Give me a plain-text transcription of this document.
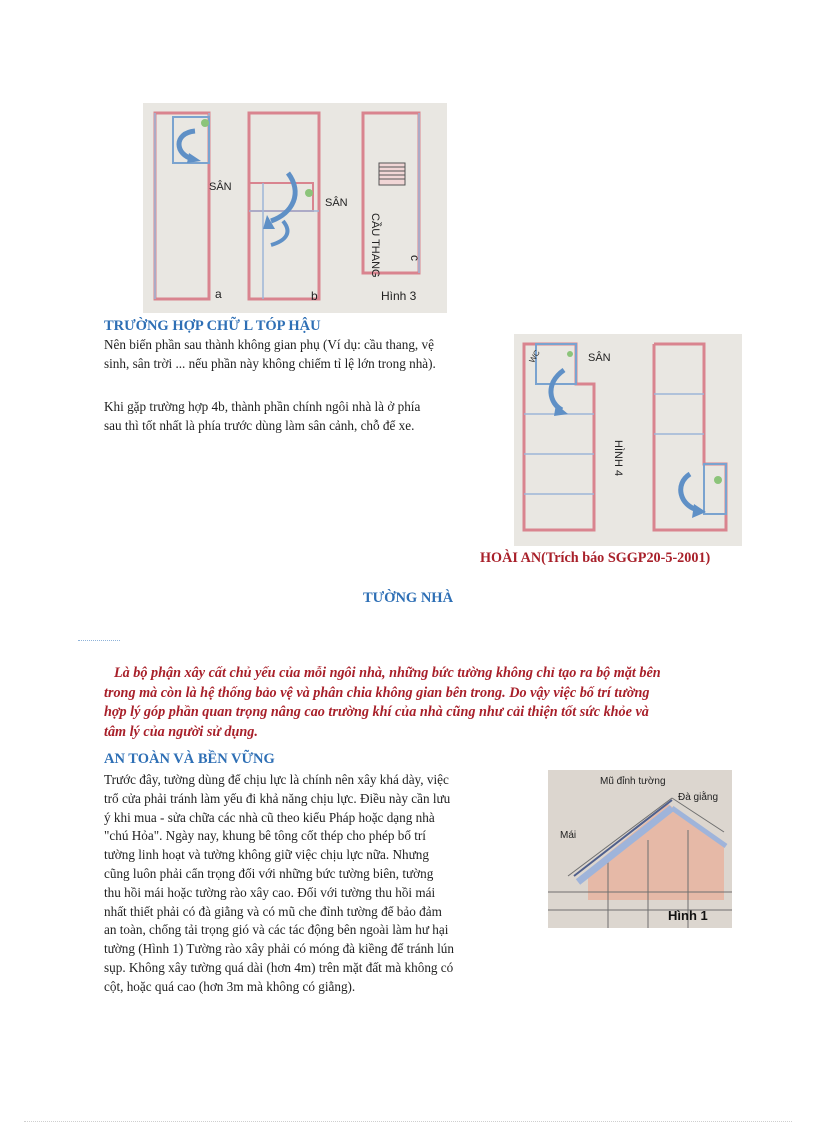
SÂN
SÂN
CẦU THANG
a	b
c
Hình 3
TRƯỜNG HỢP CHỮ L TÓP HẬU
Nên biến phần sau thành không gian phụ (Ví dụ: cầu thang, vệ
sinh, sân trời ... nếu phần này không chiếm tỉ lệ lớn trong nhà).
Khi gặp trường hợp 4b, thành phần chính ngôi nhà là ở phía
sau thì tốt nhất là phía trước dùng làm sân cảnh, chỗ để xe.
WC	SÂN
HÌNH 4
HOÀI AN(Trích báo SGGP20-5-2001)
TƯỜNG NHÀ
Là bộ phận xây cất chủ yếu của mỗi ngôi nhà, những bức tường không chỉ tạo ra bộ mặt bên
trong mà còn là hệ thống bảo vệ và phân chia không gian bên trong. Do vậy việc bố trí tường
hợp lý góp phần quan trọng nâng cao trường khí của nhà cũng như cải thiện tốt sức khỏe và
tâm lý của người sử dụng.
AN TOÀN VÀ BỀN VỮNG
Trước đây, tường dùng để chịu lực là chính nên xây khá dày, việc
trổ cửa phải tránh làm yếu đi khả năng chịu lực. Điều này cần lưu
ý khi mua - sửa chữa các nhà cũ theo kiểu Pháp hoặc dạng nhà
"chú Hỏa". Ngày nay, khung bê tông cốt thép cho phép bố trí
tường linh hoạt và tường không giữ việc chịu lực nữa. Nhưng
cũng luôn phải cẩn trọng đối với những bức tường biên, tường
thu hồi mái hoặc tường rào xây cao. Đối với tường thu hồi mái
nhất thiết phải có đà giằng và có mũ che đỉnh tường để bảo đảm
an toàn, chống tải trọng gió và các tác động bên ngoài làm hư hại
tường (Hình 1) Tường rào xây phải có móng đà kiềng để tránh lún
sụp. Không xây tường quá dài (hơn 4m) trên mặt đất mà không có
cột, hoặc quá cao (hơn 3m mà không có giằng).
Mũ đỉnh tường
Đà giằng
Mái
Hình 1
